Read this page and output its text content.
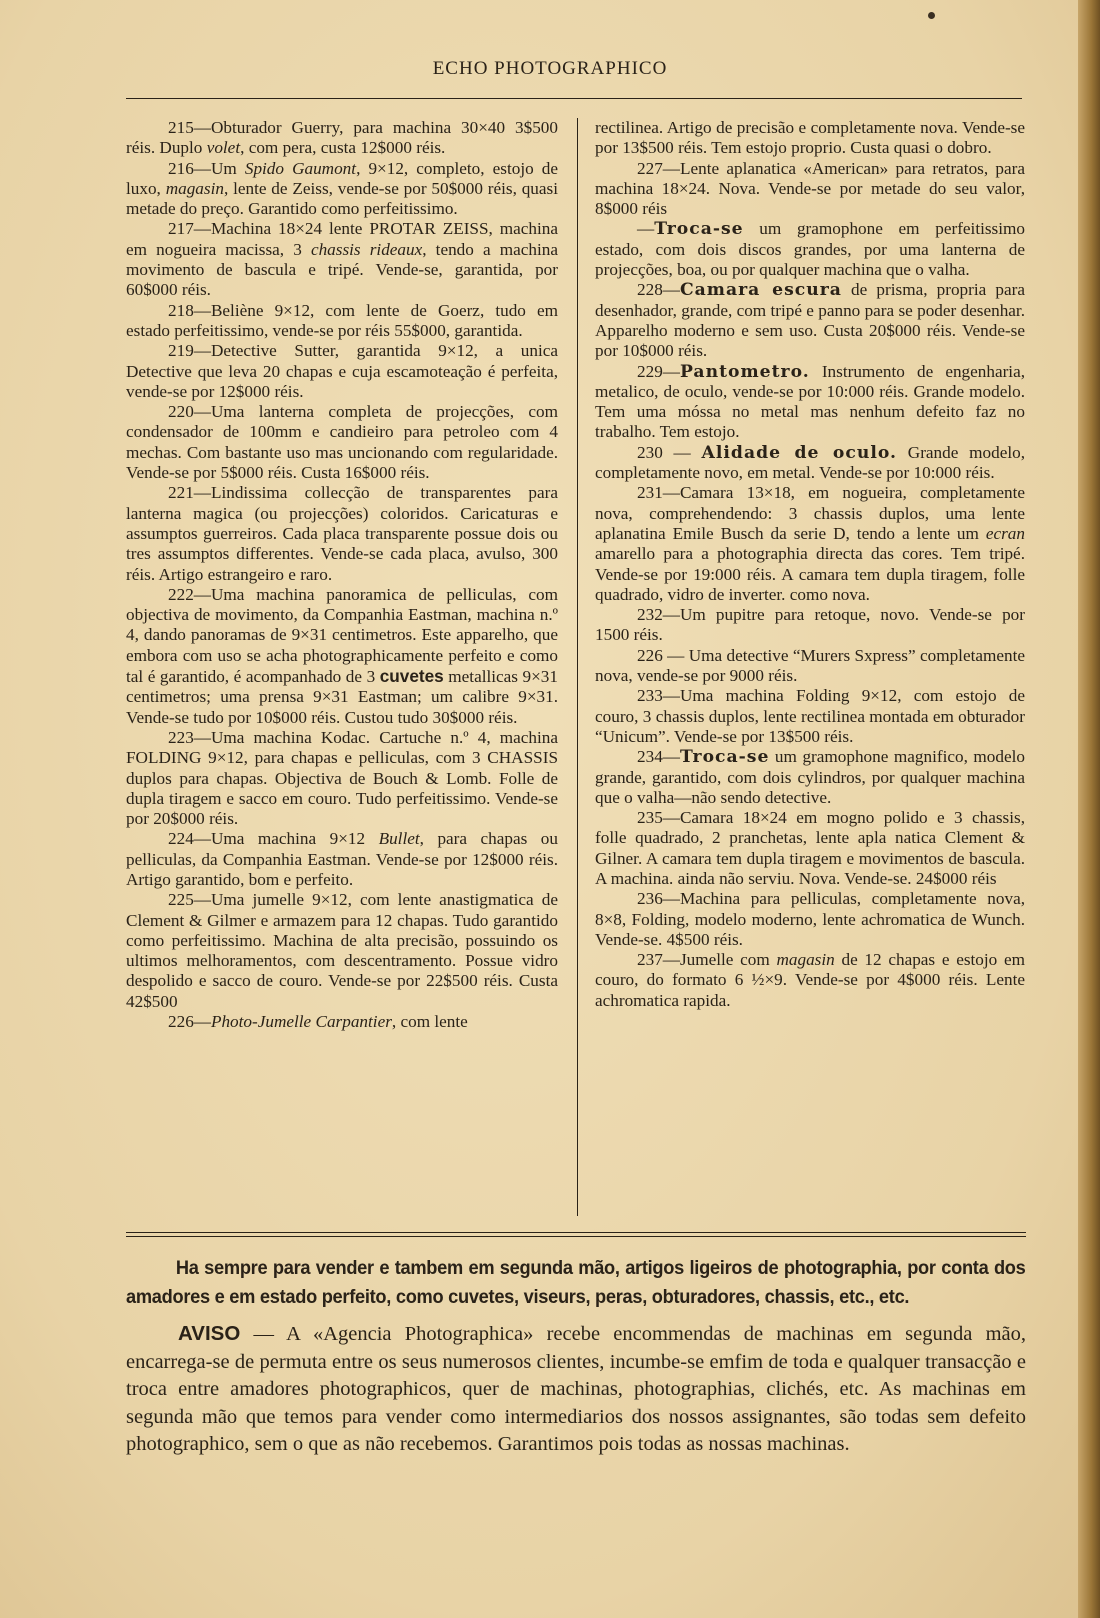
ECHO PHOTOGRAPHICO

215—Obturador Guerry, para machina 30×40 3$500 réis. Duplo volet, com pera, custa 12$000 réis.

216—Um Spido Gaumont, 9×12, completo, estojo de luxo, magasin, lente de Zeiss, vende-se por 50$000 réis, quasi metade do preço. Garantido como perfeitissimo.

217—Machina 18×24 lente PROTAR ZEISS, machina em nogueira macissa, 3 chassis rideaux, tendo a machina movimento de bascula e tripé. Vende-se, garantida, por 60$000 réis.

218—Beliène 9×12, com lente de Goerz, tudo em estado perfeitissimo, vende-se por réis 55$000, garantida.

219—Detective Sutter, garantida 9×12, a unica Detective que leva 20 chapas e cuja escamoteação é perfeita, vende-se por 12$000 réis.

220—Uma lanterna completa de projecções, com condensador de 100mm e candieiro para petroleo com 4 mechas. Com bastante uso mas uncionando com regularidade. Vende-se por 5$000 réis. Custa 16$000 réis.

221—Lindissima collecção de transparentes para lanterna magica (ou projecções) coloridos. Caricaturas e assumptos guerreiros. Cada placa transparente possue dois ou tres assumptos differentes. Vende-se cada placa, avulso, 300 réis. Artigo estrangeiro e raro.

222—Uma machina panoramica de pelliculas, com objectiva de movimento, da Companhia Eastman, machina n.º 4, dando panoramas de 9×31 centimetros. Este apparelho, que embora com uso se acha photographicamente perfeito e como tal é garantido, é acompanhado de 3 cuvetes metallicas 9×31 centimetros; uma prensa 9×31 Eastman; um calibre 9×31. Vende-se tudo por 10$000 réis. Custou tudo 30$000 réis.

223—Uma machina Kodac. Cartuche n.º 4, machina FOLDING 9×12, para chapas e pelliculas, com 3 CHASSIS duplos para chapas. Objectiva de Bouch & Lomb. Folle de dupla tiragem e sacco em couro. Tudo perfeitissimo. Vende-se por 20$000 réis.

224—Uma machina 9×12 Bullet, para chapas ou pelliculas, da Companhia Eastman. Vende-se por 12$000 réis. Artigo garantido, bom e perfeito.

225—Uma jumelle 9×12, com lente anastigmatica de Clement & Gilmer e armazem para 12 chapas. Tudo garantido como perfeitissimo. Machina de alta precisão, possuindo os ultimos melhoramentos, com descentramento. Possue vidro despolido e sacco de couro. Vende-se por 22$500 réis. Custa 42$500

226—Photo-Jumelle Carpantier, com lente

rectilinea. Artigo de precisão e completamente nova. Vende-se por 13$500 réis. Tem estojo proprio. Custa quasi o dobro.

227—Lente aplanatica «American» para retratos, para machina 18×24. Nova. Vende-se por metade do seu valor, 8$000 réis

—Troca-se um gramophone em perfeitissimo estado, com dois discos grandes, por uma lanterna de projecções, boa, ou por qualquer machina que o valha.

228—Camara escura de prisma, propria para desenhador, grande, com tripé e panno para se poder desenhar. Apparelho moderno e sem uso. Custa 20$000 réis. Vende-se por 10$000 réis.

229—Pantometro. Instrumento de engenharia, metalico, de oculo, vende-se por 10:000 réis. Grande modelo. Tem uma móssa no metal mas nenhum defeito faz no trabalho. Tem estojo.

230 — Alidade de oculo. Grande modelo, completamente novo, em metal. Vende-se por 10:000 réis.

231—Camara 13×18, em nogueira, completamente nova, comprehendendo: 3 chassis duplos, uma lente aplanatina Emile Busch da serie D, tendo a lente um ecran amarello para a photographia directa das cores. Tem tripé. Vende-se por 19:000 réis. A camara tem dupla tiragem, folle quadrado, vidro de inverter. como nova.

232—Um pupitre para retoque, novo. Vende-se por 1500 réis.

226 — Uma detective “Murers Sxpress” completamente nova, vende-se por 9000 réis.

233—Uma machina Folding 9×12, com estojo de couro, 3 chassis duplos, lente rectilinea montada em obturador “Unicum”. Vende-se por 13$500 réis.

234—Troca-se um gramophone magnifico, modelo grande, garantido, com dois cylindros, por qualquer machina que o valha—não sendo detective.

235—Camara 18×24 em mogno polido e 3 chassis, folle quadrado, 2 pranchetas, lente apla natica Clement & Gilner. A camara tem dupla tiragem e movimentos de bascula. A machina. ainda não serviu. Nova. Vende-se. 24$000 réis

236—Machina para pelliculas, completamente nova, 8×8, Folding, modelo moderno, lente achromatica de Wunch. Vende-se. 4$500 réis.

237—Jumelle com magasin de 12 chapas e estojo em couro, do formato 6 ½×9. Vende-se por 4$000 réis. Lente achromatica rapida.

Ha sempre para vender e tambem em segunda mão, artigos ligeiros de photographia, por conta dos amadores e em estado perfeito, como cuvetes, viseurs, peras, obturadores, chassis, etc., etc.
AVISO — A «Agencia Photographica» recebe encommendas de machinas em segunda mão, encarrega-se de permuta entre os seus numerosos clientes, incumbe-se emfim de toda e qualquer transacção e troca entre amadores photographicos, quer de machinas, photographias, clichés, etc. As machinas em segunda mão que temos para vender como intermediarios dos nossos assignantes, são todas sem defeito photographico, sem o que as não recebemos. Garantimos pois todas as nossas machinas.
